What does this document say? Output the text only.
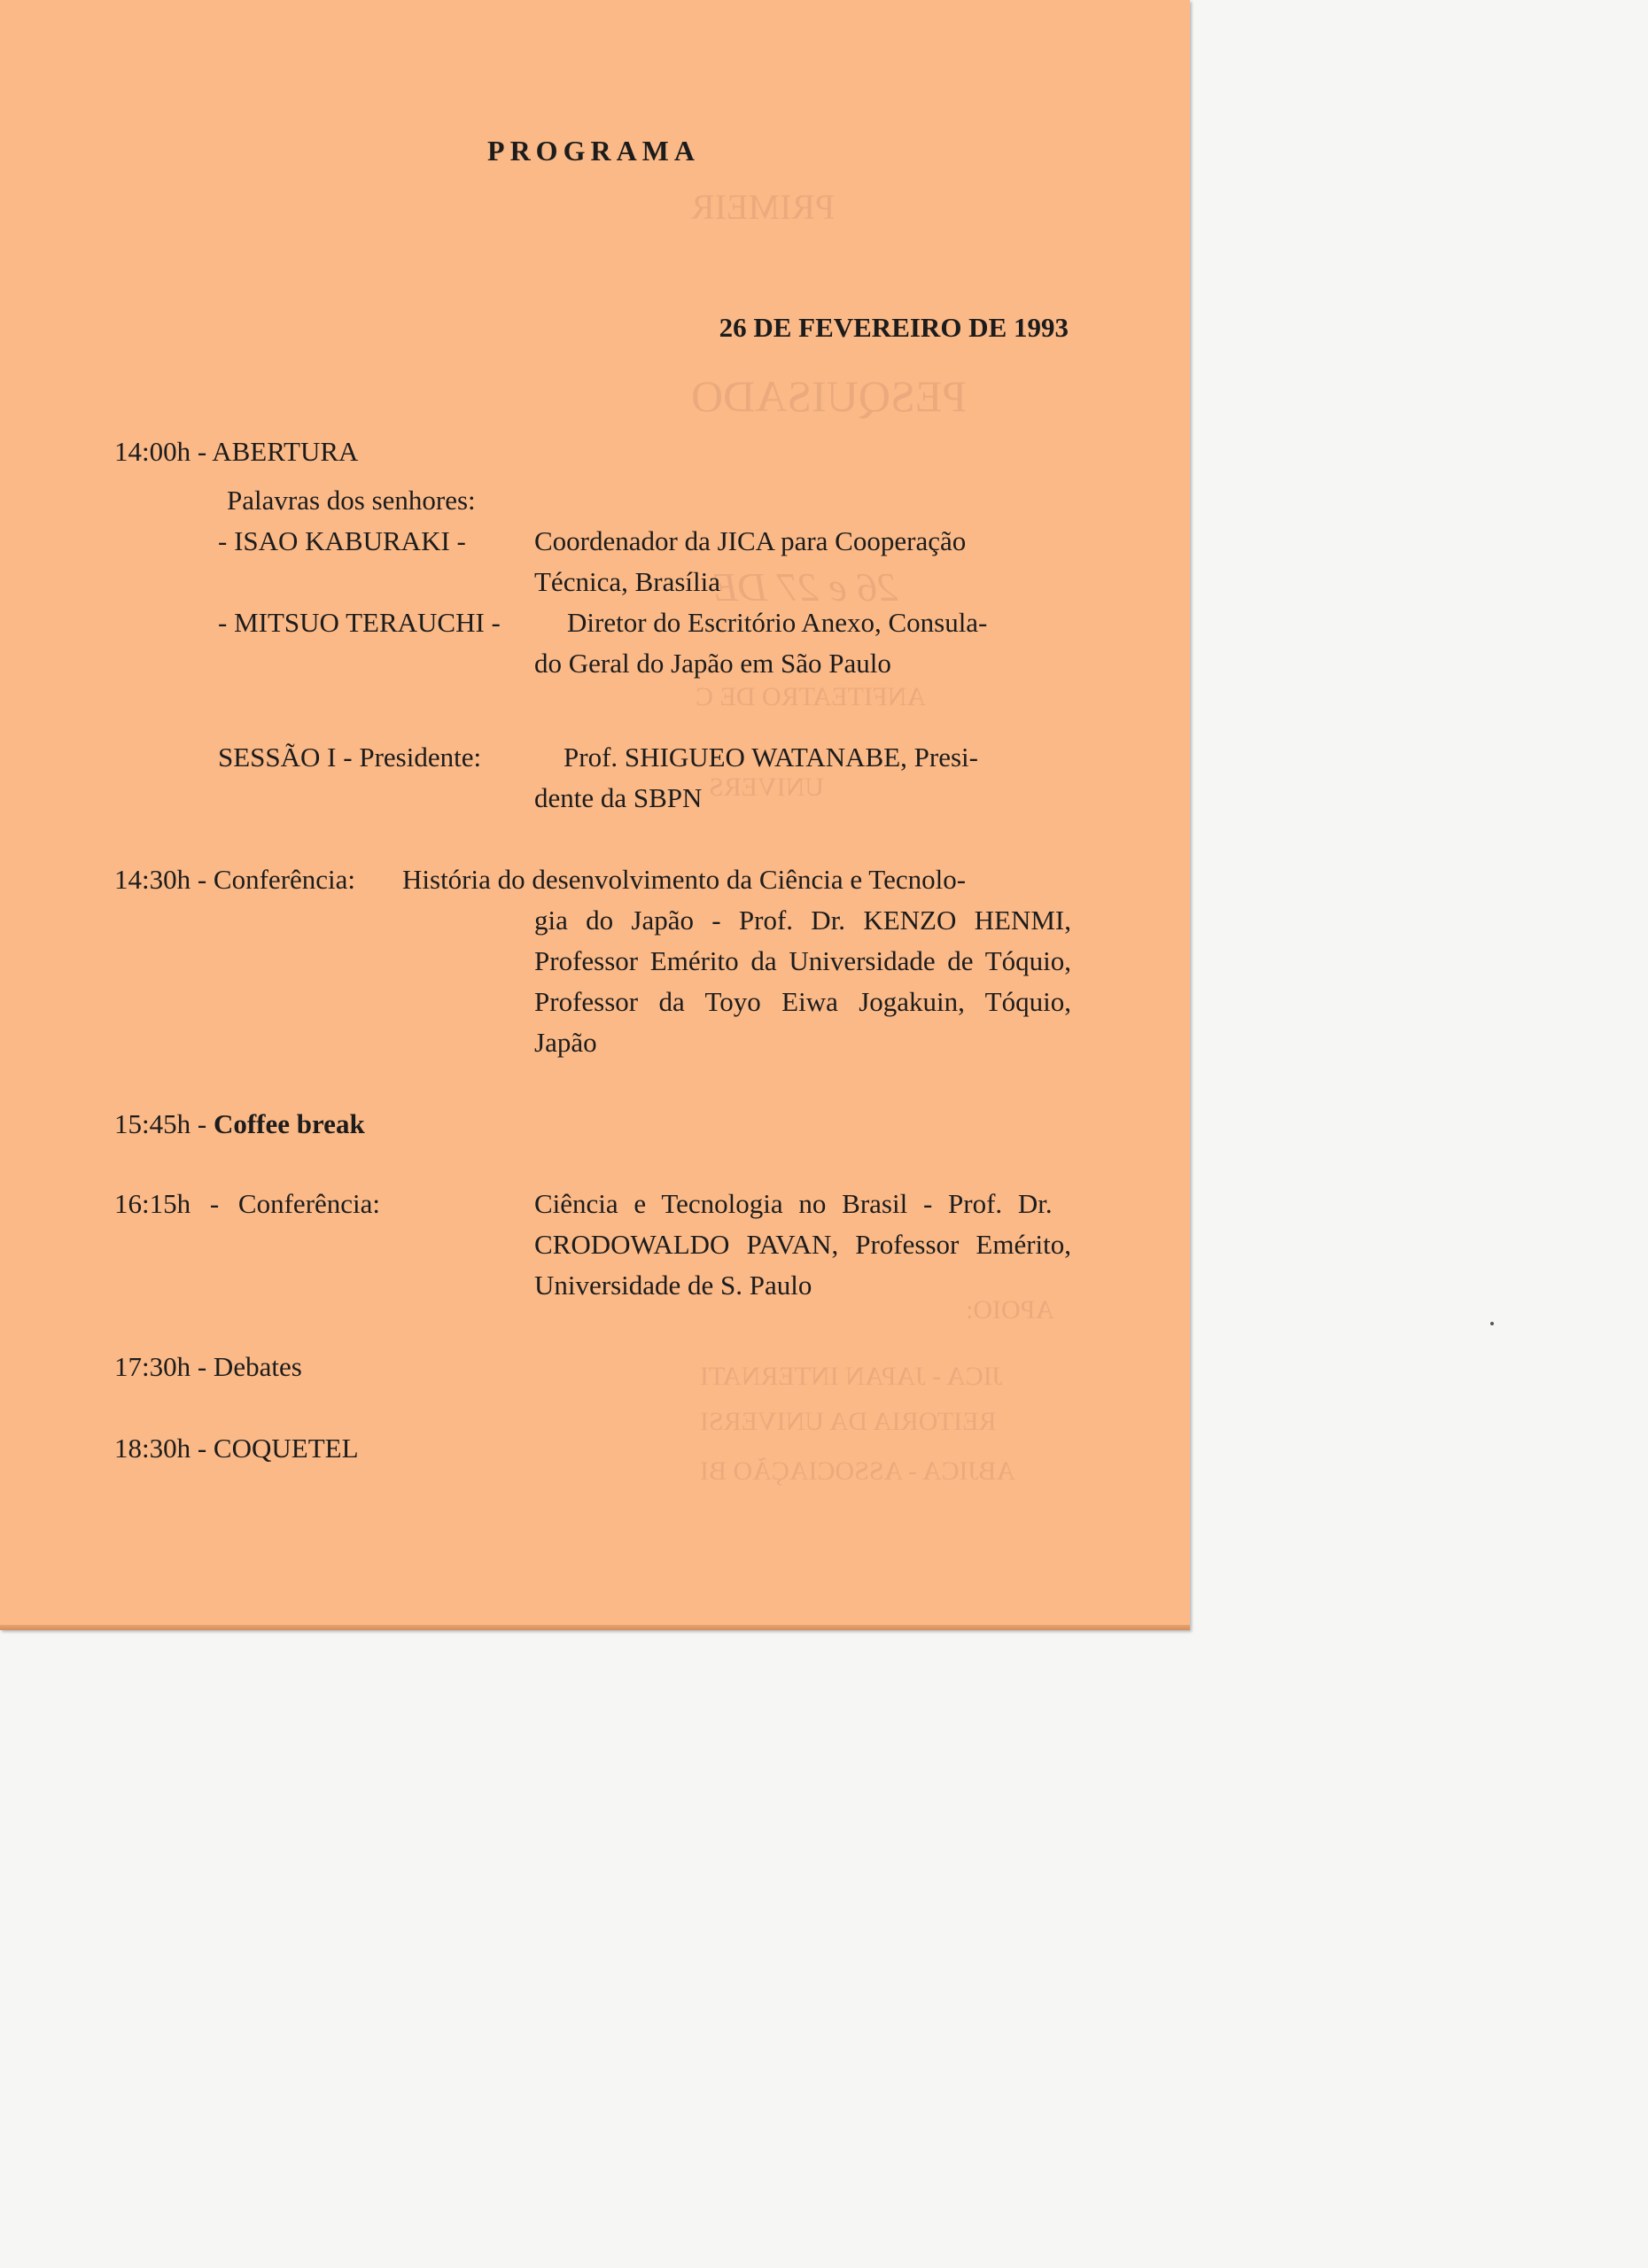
PRIMEIR
PESQUISADO
26 e 27 DE
ANFITEATRO DE C
UNIVERS
APOIO:
JICA - JAPAN INTERNATI
REITORIA DA UNIVERSI
ABJICA - ASSOCIAÇÃO BI
PROGRAMA
26 DE FEVEREIRO DE 1993
14:00h - ABERTURA
Palavras dos senhores:
- ISAO KABURAKI - Coordenador da JICA para Cooperação
Técnica, Brasília
- MITSUO TERAUCHI - Diretor do Escritório Anexo, Consula-
do Geral do Japão em São Paulo
SESSÃO I - Presidente:	Prof. SHIGUEO WATANABE, Presi-
dente da SBPN
14:30h - Conferência: História do desenvolvimento da Ciência e Tecnolo-
gia do Japão - Prof. Dr. KENZO HENMI, Professor Emérito da Universidade de Tóquio, Professor da Toyo Eiwa Jogakuin, Tóquio, Japão
15:45h - Coffee break
16:15h - Conferência:	Ciência e Tecnologia no Brasil - Prof. Dr.
CRODOWALDO PAVAN, Professor Emérito, Universidade de S. Paulo
17:30h - Debates
18:30h - COQUETEL
